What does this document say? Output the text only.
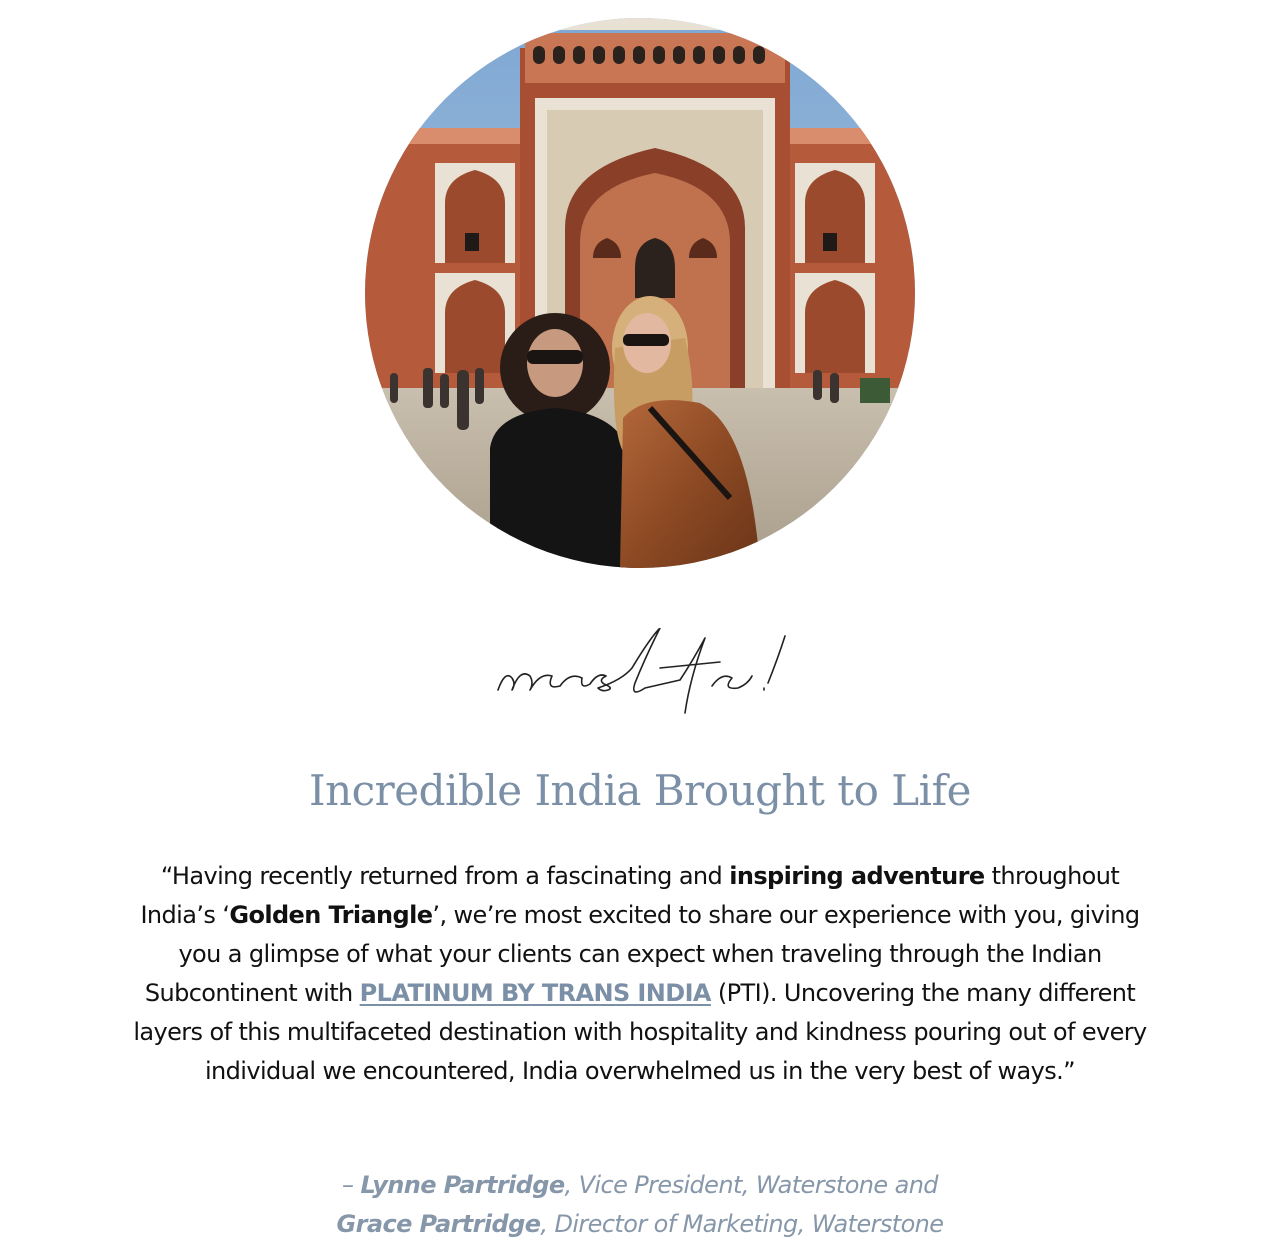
Incredible India Brought to Life

“Having recently returned from a fascinating and inspiring adventure throughout India’s ‘Golden Triangle’, we’re most excited to share our experience with you, giving you a glimpse of what your clients can expect when traveling through the Indian Subcontinent with PLATINUM BY TRANS INDIA (PTI). Uncovering the many different layers of this multifaceted destination with hospitality and kindness pouring out of every individual we encountered, India overwhelmed us in the very best of ways.”

– Lynne Partridge, Vice President, Waterstone and
Grace Partridge, Director of Marketing, Waterstone
